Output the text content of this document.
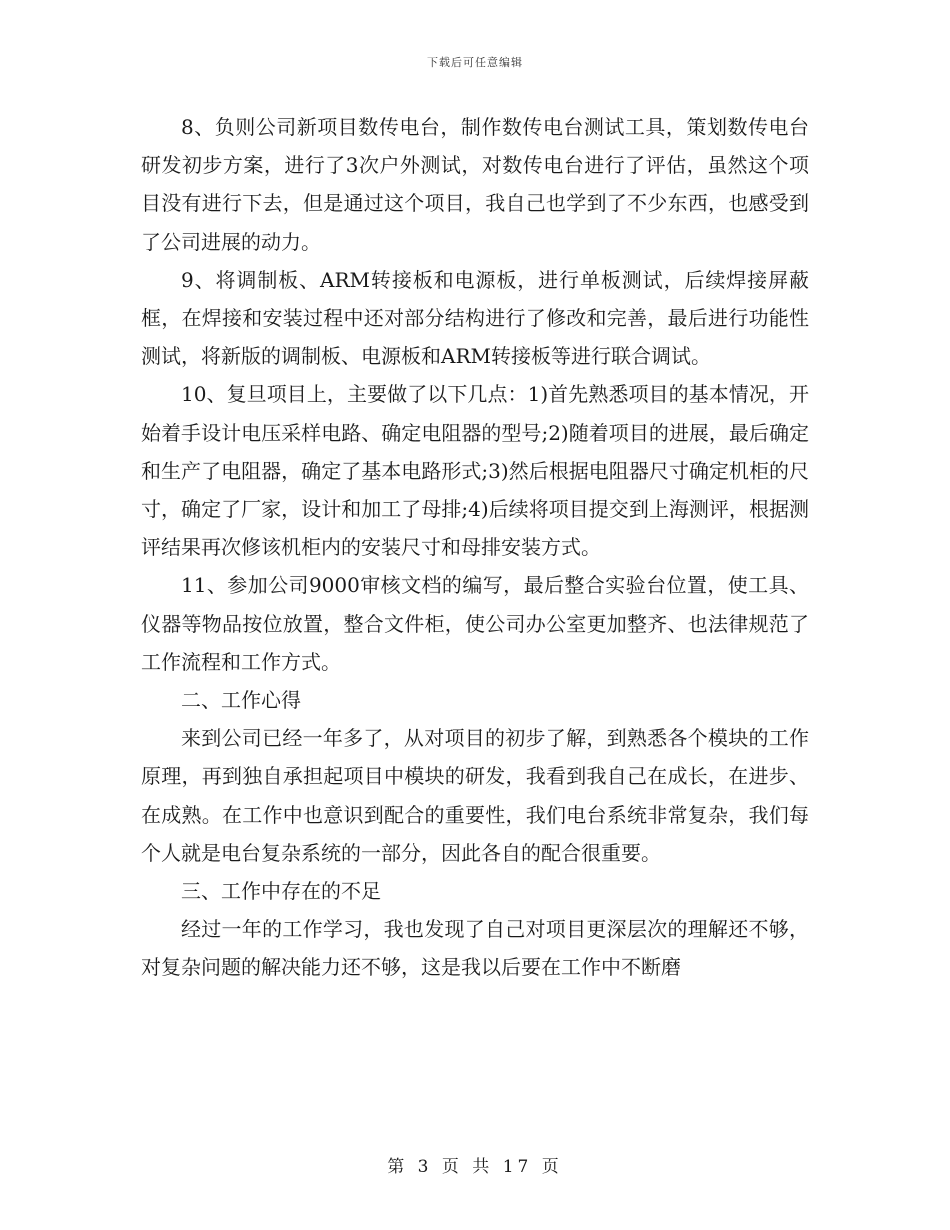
下载后可任意编辑

8、负则公司新项目数传电台，制作数传电台测试工具，策划数传电台研发初步方案，进行了3次户外测试，对数传电台进行了评估，虽然这个项目没有进行下去，但是通过这个项目，我自己也学到了不少东西，也感受到了公司进展的动力。

9、将调制板、ARM转接板和电源板，进行单板测试，后续焊接屏蔽框，在焊接和安装过程中还对部分结构进行了修改和完善，最后进行功能性测试，将新版的调制板、电源板和ARM转接板等进行联合调试。

10、复旦项目上，主要做了以下几点：1)首先熟悉项目的基本情况，开始着手设计电压采样电路、确定电阻器的型号;2)随着项目的进展，最后确定和生产了电阻器，确定了基本电路形式;3)然后根据电阻器尺寸确定机柜的尺寸，确定了厂家，设计和加工了母排;4)后续将项目提交到上海测评，根据测评结果再次修该机柜内的安装尺寸和母排安装方式。

11、参加公司9000审核文档的编写，最后整合实验台位置，使工具、仪器等物品按位放置，整合文件柜，使公司办公室更加整齐、也法律规范了工作流程和工作方式。

二、工作心得

来到公司已经一年多了，从对项目的初步了解，到熟悉各个模块的工作原理，再到独自承担起项目中模块的研发，我看到我自己在成长，在进步、在成熟。在工作中也意识到配合的重要性，我们电台系统非常复杂，我们每个人就是电台复杂系统的一部分，因此各自的配合很重要。

三、工作中存在的不足

经过一年的工作学习，我也发现了自己对项目更深层次的理解还不够，对复杂问题的解决能力还不够，这是我以后要在工作中不断磨

第 3 页 共 17 页
